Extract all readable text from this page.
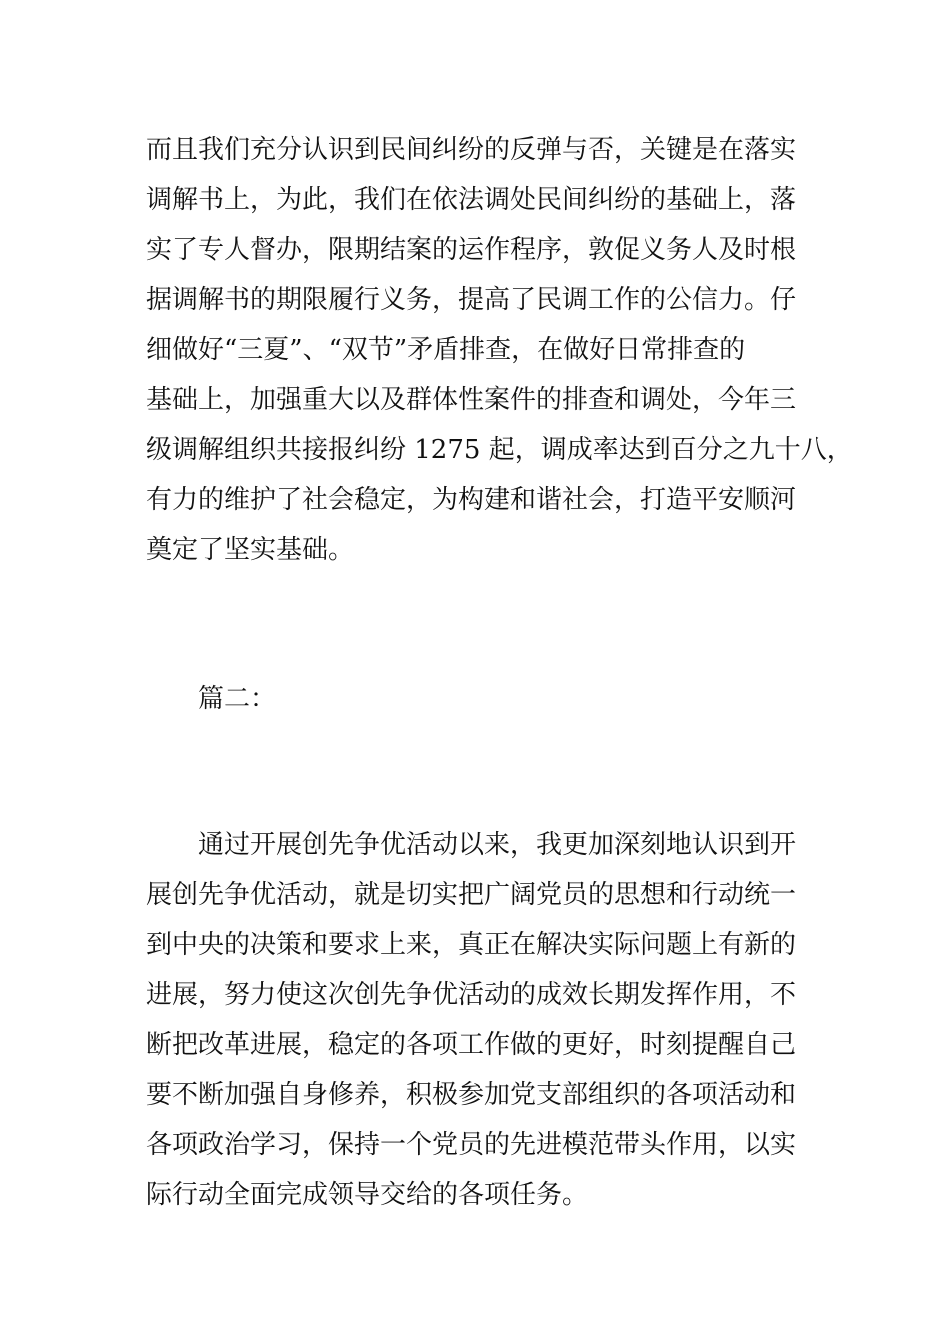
而且我们充分认识到民间纠纷的反弹与否，关键是在落实
调解书上，为此，我们在依法调处民间纠纷的基础上，落
实了专人督办，限期结案的运作程序，敦促义务人及时根
据调解书的期限履行义务，提高了民调工作的公信力。仔
细做好“三夏”、“双节”矛盾排查，在做好日常排查的
基础上，加强重大以及群体性案件的排查和调处，今年三
级调解组织共接报纠纷 1275 起，调成率达到百分之九十八，
有力的维护了社会稳定，为构建和谐社会，打造平安顺河
奠定了坚实基础。
篇二：
通过开展创先争优活动以来，我更加深刻地认识到开
展创先争优活动，就是切实把广阔党员的思想和行动统一
到中央的决策和要求上来，真正在解决实际问题上有新的
进展，努力使这次创先争优活动的成效长期发挥作用，不
断把改革进展，稳定的各项工作做的更好，时刻提醒自己
要不断加强自身修养，积极参加党支部组织的各项活动和
各项政治学习，保持一个党员的先进模范带头作用，以实
际行动全面完成领导交给的各项任务。
